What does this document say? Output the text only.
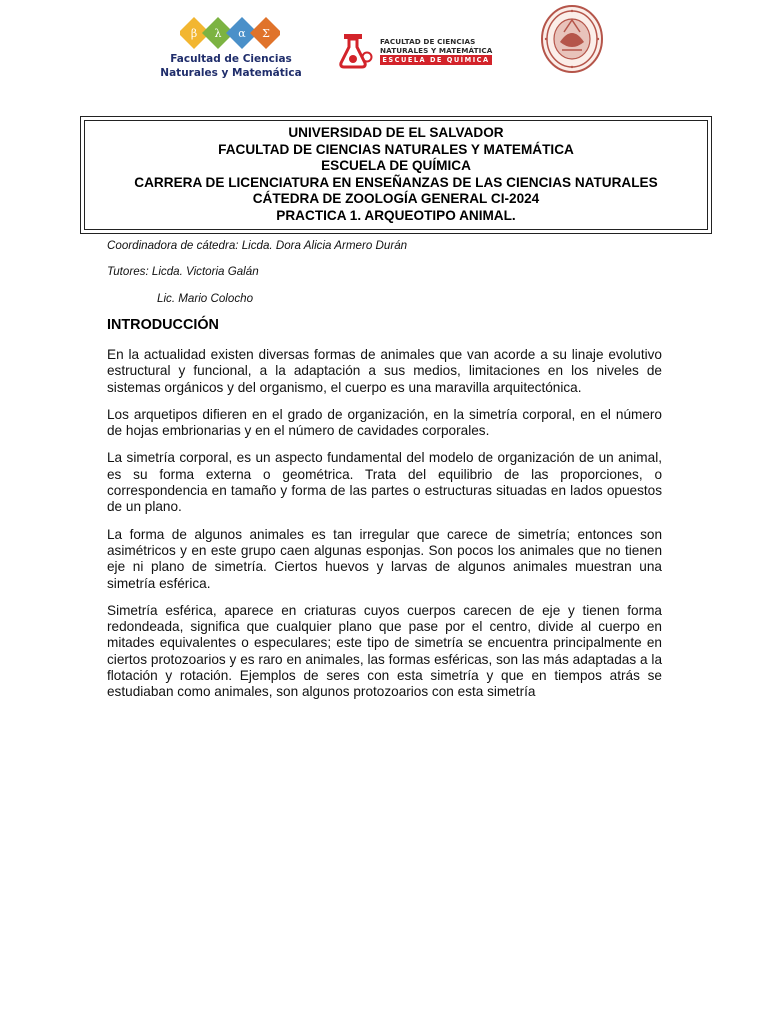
β λ α Σ
Facultad de Ciencias
Naturales y Matemática
FACULTAD DE CIENCIAS
NATURALES Y MATEMÁTICA
ESCUELA DE QUÍMICA
UNIVERSIDAD DE EL SALVADOR
FACULTAD DE CIENCIAS NATURALES Y MATEMÁTICA
ESCUELA DE QUÍMICA
CARRERA DE LICENCIATURA EN ENSEÑANZAS DE LAS CIENCIAS NATURALES
CÁTEDRA DE ZOOLOGÍA GENERAL CI-2024
PRACTICA 1. ARQUEOTIPO ANIMAL.
Coordinadora de cátedra: Licda. Dora Alicia Armero Durán
Tutores: Licda. Victoria Galán
Lic. Mario Colocho
INTRODUCCIÓN

En la actualidad existen diversas formas de animales que van acorde a su linaje evolutivo estructural y funcional, a la adaptación a sus medios, limitaciones en los niveles de sistemas orgánicos y del organismo, el cuerpo es una maravilla arquitectónica.

Los arquetipos difieren en el grado de organización, en la simetría corporal, en el número de hojas embrionarias y en el número de cavidades corporales.

La simetría corporal, es un aspecto fundamental del modelo de organización de un animal, es su forma externa o geométrica. Trata del equilibrio de las proporciones, o correspondencia en tamaño y forma de las partes o estructuras situadas en lados opuestos de un plano.

La forma de algunos animales es tan irregular que carece de simetría; entonces son asimétricos y en este grupo caen algunas esponjas. Son pocos los animales que no tienen eje ni plano de simetría. Ciertos huevos y larvas de algunos animales muestran una simetría esférica.

Simetría esférica, aparece en criaturas cuyos cuerpos carecen de eje y tienen forma redondeada, significa que cualquier plano que pase por el centro, divide al cuerpo en mitades equivalentes o especulares; este tipo de simetría se encuentra principalmente en ciertos protozoarios y es raro en animales, las formas esféricas, son las más adaptadas a la flotación y rotación. Ejemplos de seres con esta simetría y que en tiempos atrás se estudiaban como animales, son algunos protozoarios con esta simetría
